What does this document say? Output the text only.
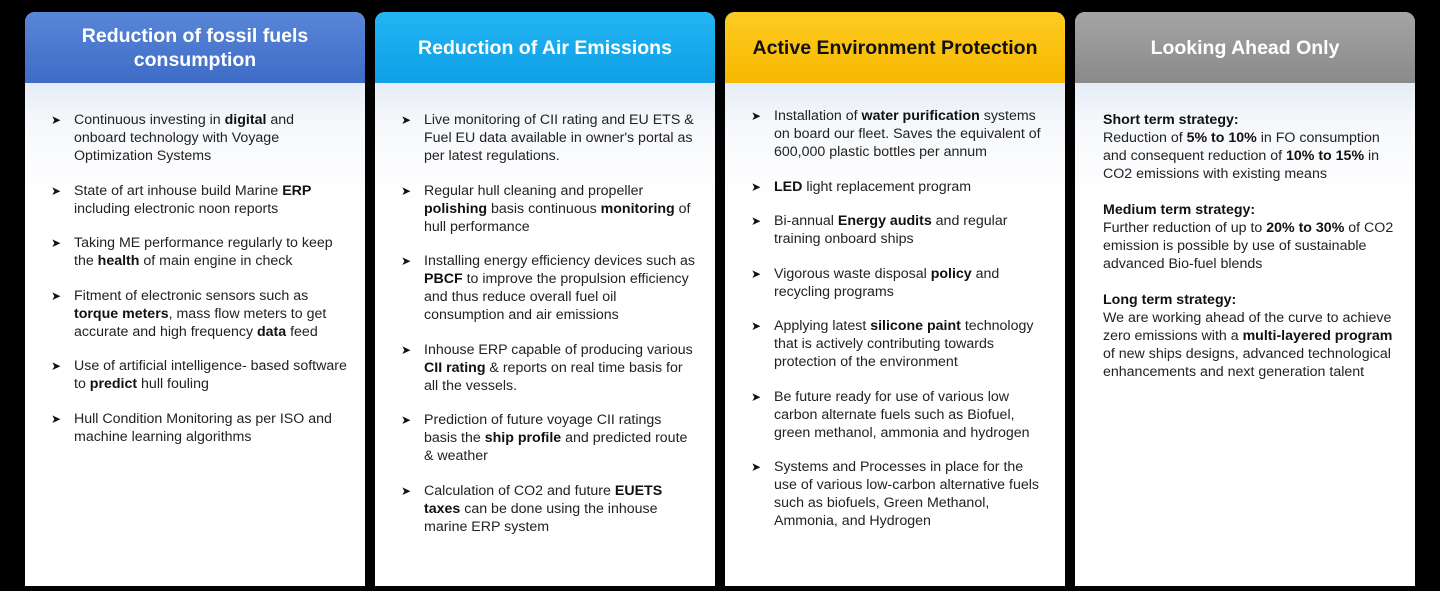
Reduction of fossil fuels consumption
➤ Continuous investing in digital and onboard technology with Voyage Optimization Systems
➤ State of art inhouse build Marine ERP including electronic noon reports
➤ Taking ME performance regularly to keep the health of main engine in check
➤ Fitment of electronic sensors such as torque meters, mass flow meters to get accurate and high frequency data feed
➤ Use of artificial intelligence- based software to predict hull fouling
➤ Hull Condition Monitoring as per ISO and machine learning algorithms
Reduction of Air Emissions
➤ Live monitoring of CII rating and EU ETS & Fuel EU data available in owner's portal as per latest regulations.
➤ Regular hull cleaning and propeller polishing basis continuous monitoring of hull performance
➤ Installing energy efficiency devices such as PBCF to improve the propulsion efficiency and thus reduce overall fuel oil consumption and air emissions
➤ Inhouse ERP capable of producing various CII rating & reports on real time basis for all the vessels.
➤ Prediction of future voyage CII ratings basis the ship profile and predicted route & weather
➤ Calculation of CO2 and future EUETS taxes can be done using the inhouse marine ERP system
Active Environment Protection
➤ Installation of water purification systems on board our fleet. Saves the equivalent of 600,000 plastic bottles per annum
➤ LED light replacement program
➤ Bi-annual Energy audits and regular training onboard ships
➤ Vigorous waste disposal policy and recycling programs
➤ Applying latest silicone paint technology that is actively contributing towards protection of the environment
➤ Be future ready for use of various low carbon alternate fuels such as Biofuel, green methanol, ammonia and hydrogen
➤ Systems and Processes in place for the use of various low-carbon alternative fuels such as biofuels, Green Methanol, Ammonia, and Hydrogen
Looking Ahead Only
Short term strategy:
Reduction of 5% to 10% in FO consumption and consequent reduction of 10% to 15% in CO2 emissions with existing means
Medium term strategy:
Further reduction of up to 20% to 30% of CO2 emission is possible by use of sustainable advanced Bio-fuel blends
Long term strategy:
We are working ahead of the curve to achieve zero emissions with a multi-layered program of new ships designs, advanced technological enhancements and next generation talent
